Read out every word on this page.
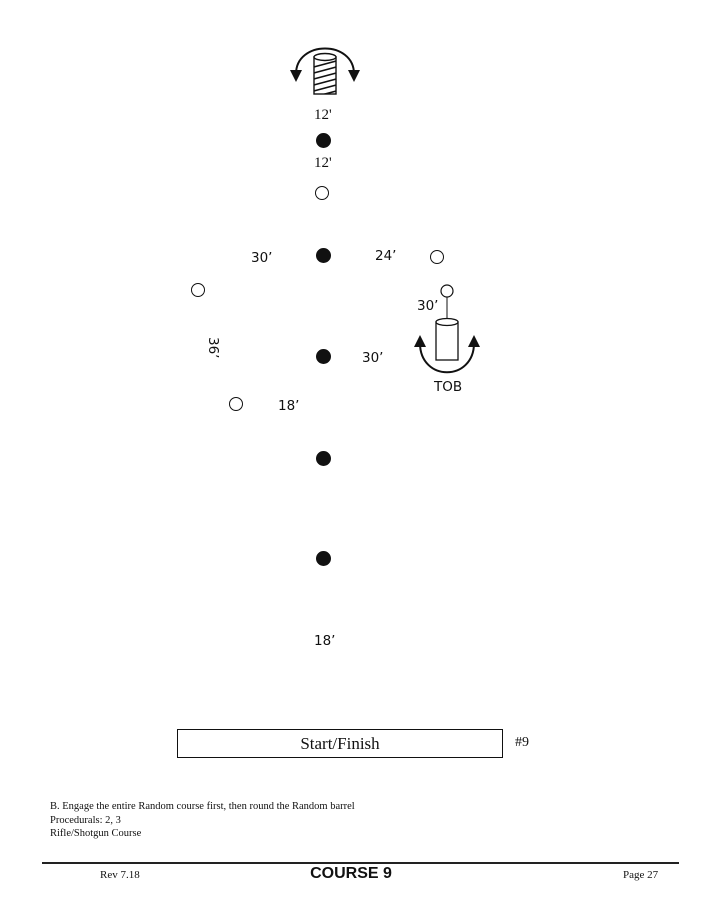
12'
12'
30’	24’
30’
36’	30’
TOB
18’
18’
Start/Finish	#9
B. Engage the entire Random course first, then round the Random barrel
Procedurals: 2, 3
Rifle/Shotgun Course
Rev 7.18	COURSE 9	Page 27
